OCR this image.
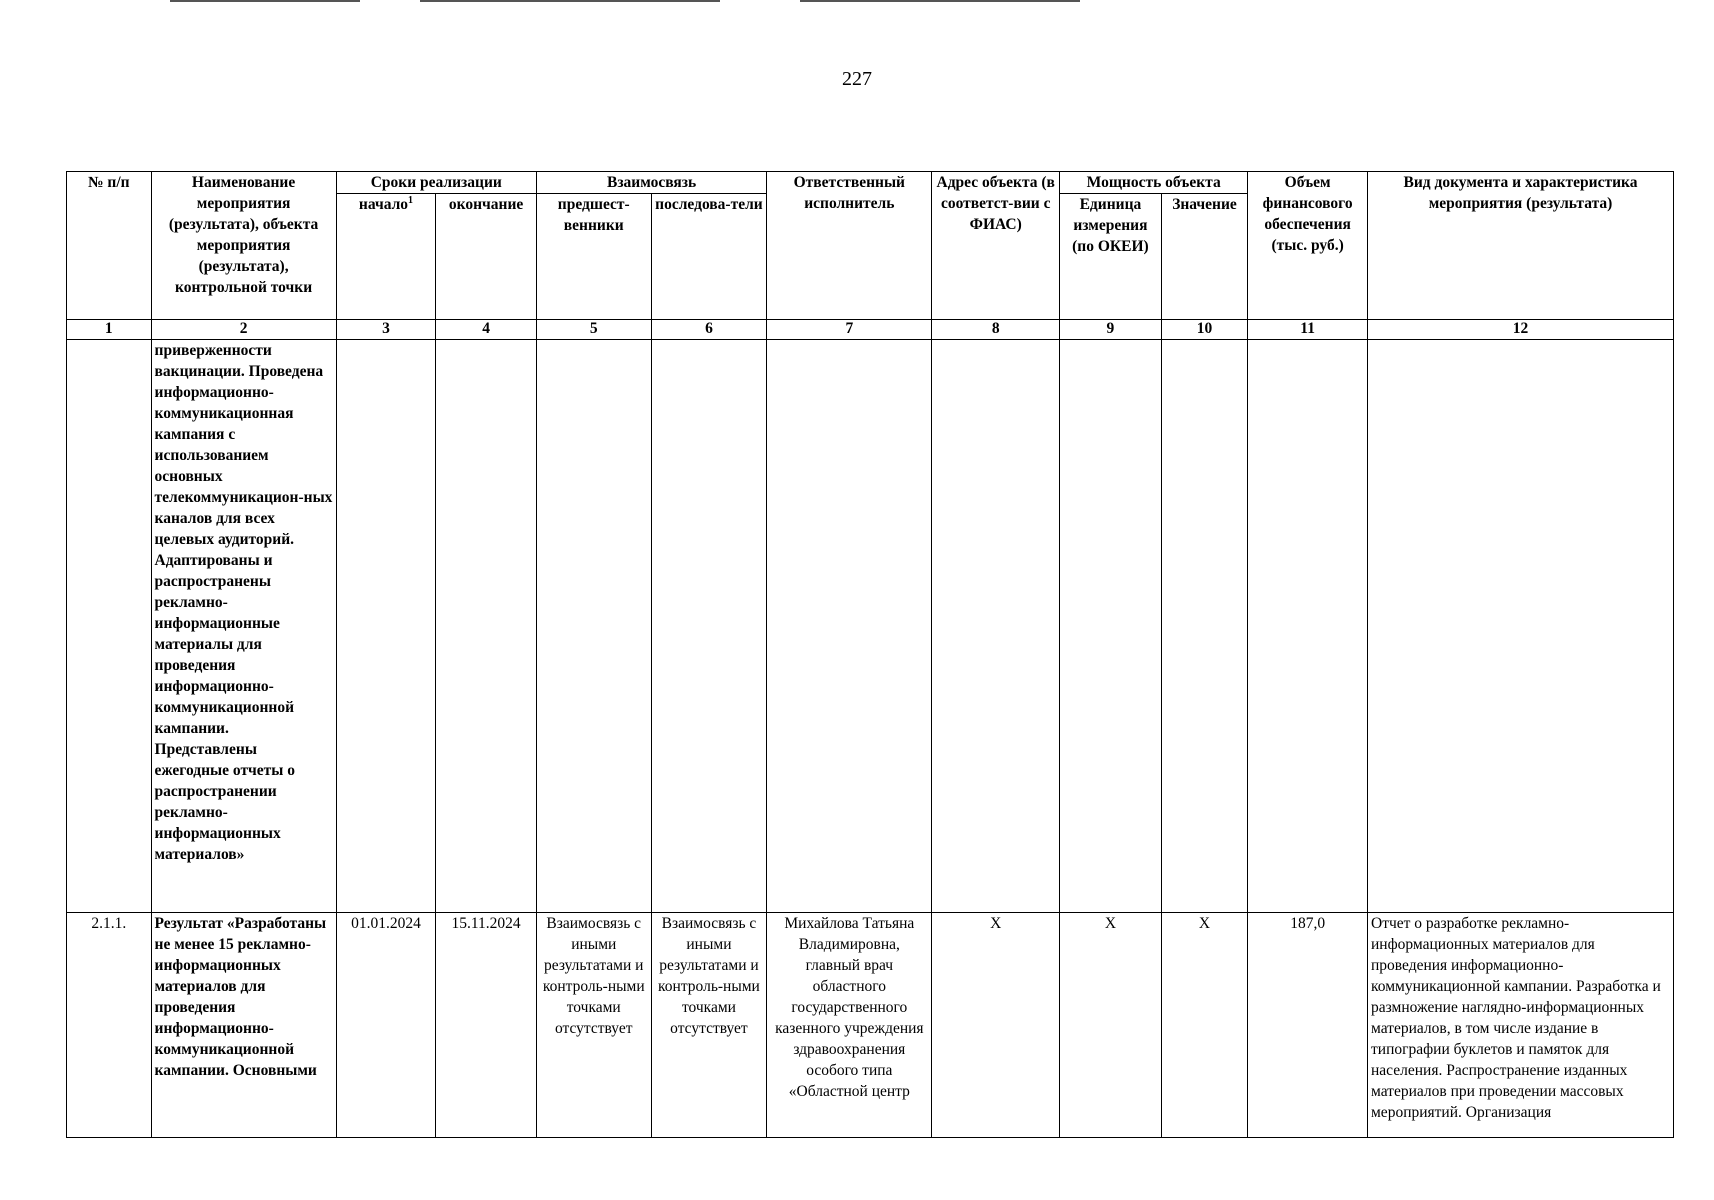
227
№ п/п	Наименование мероприятия (результата), объекта мероприятия (результата), контрольной точки	Сроки реализации		Взаимосвязь		Ответственный исполнитель	Адрес объекта (в соответст-вии с ФИАС)	Мощность объекта		Объем финансового обеспечения (тыс. руб.)	Вид документа и характеристика мероприятия (результата)
		начало$^1$	окончание	предшест-венники	последова-тели			Единица измерения (по ОКЕИ)	Значение		
1	2	3	4	5	6	7	8	9	10	11	12
	приверженности вакцинации. Проведена информационно-коммуникационная кампания с использованием основных телекоммуникацион-ных каналов для всех целевых аудиторий. Адаптированы и распространены рекламно-информационные материалы для проведения информационно-коммуникационной кампании. Представлены ежегодные отчеты о распространении рекламно-информационных материалов»										
2.1.1.	Результат «Разработаны не менее 15 рекламно-информационных материалов для проведения информационно-коммуникационной кампании. Основными	01.01.2024	15.11.2024	Взаимосвязь с иными результатами и контроль-ными точками отсутствует	Взаимосвязь с иными результатами и контроль-ными точками отсутствует	Михайлова Татьяна Владимировна, главный врач областного государственного казенного учреждения здравоохранения особого типа «Областной центр	X	X	X	187,0	Отчет о разработке рекламно-информационных материалов для проведения информационно-коммуникационной кампании. Разработка и размножение наглядно-информационных материалов, в том числе издание в типографии буклетов и памяток для населения. Распространение изданных материалов при проведении массовых мероприятий. Организация
